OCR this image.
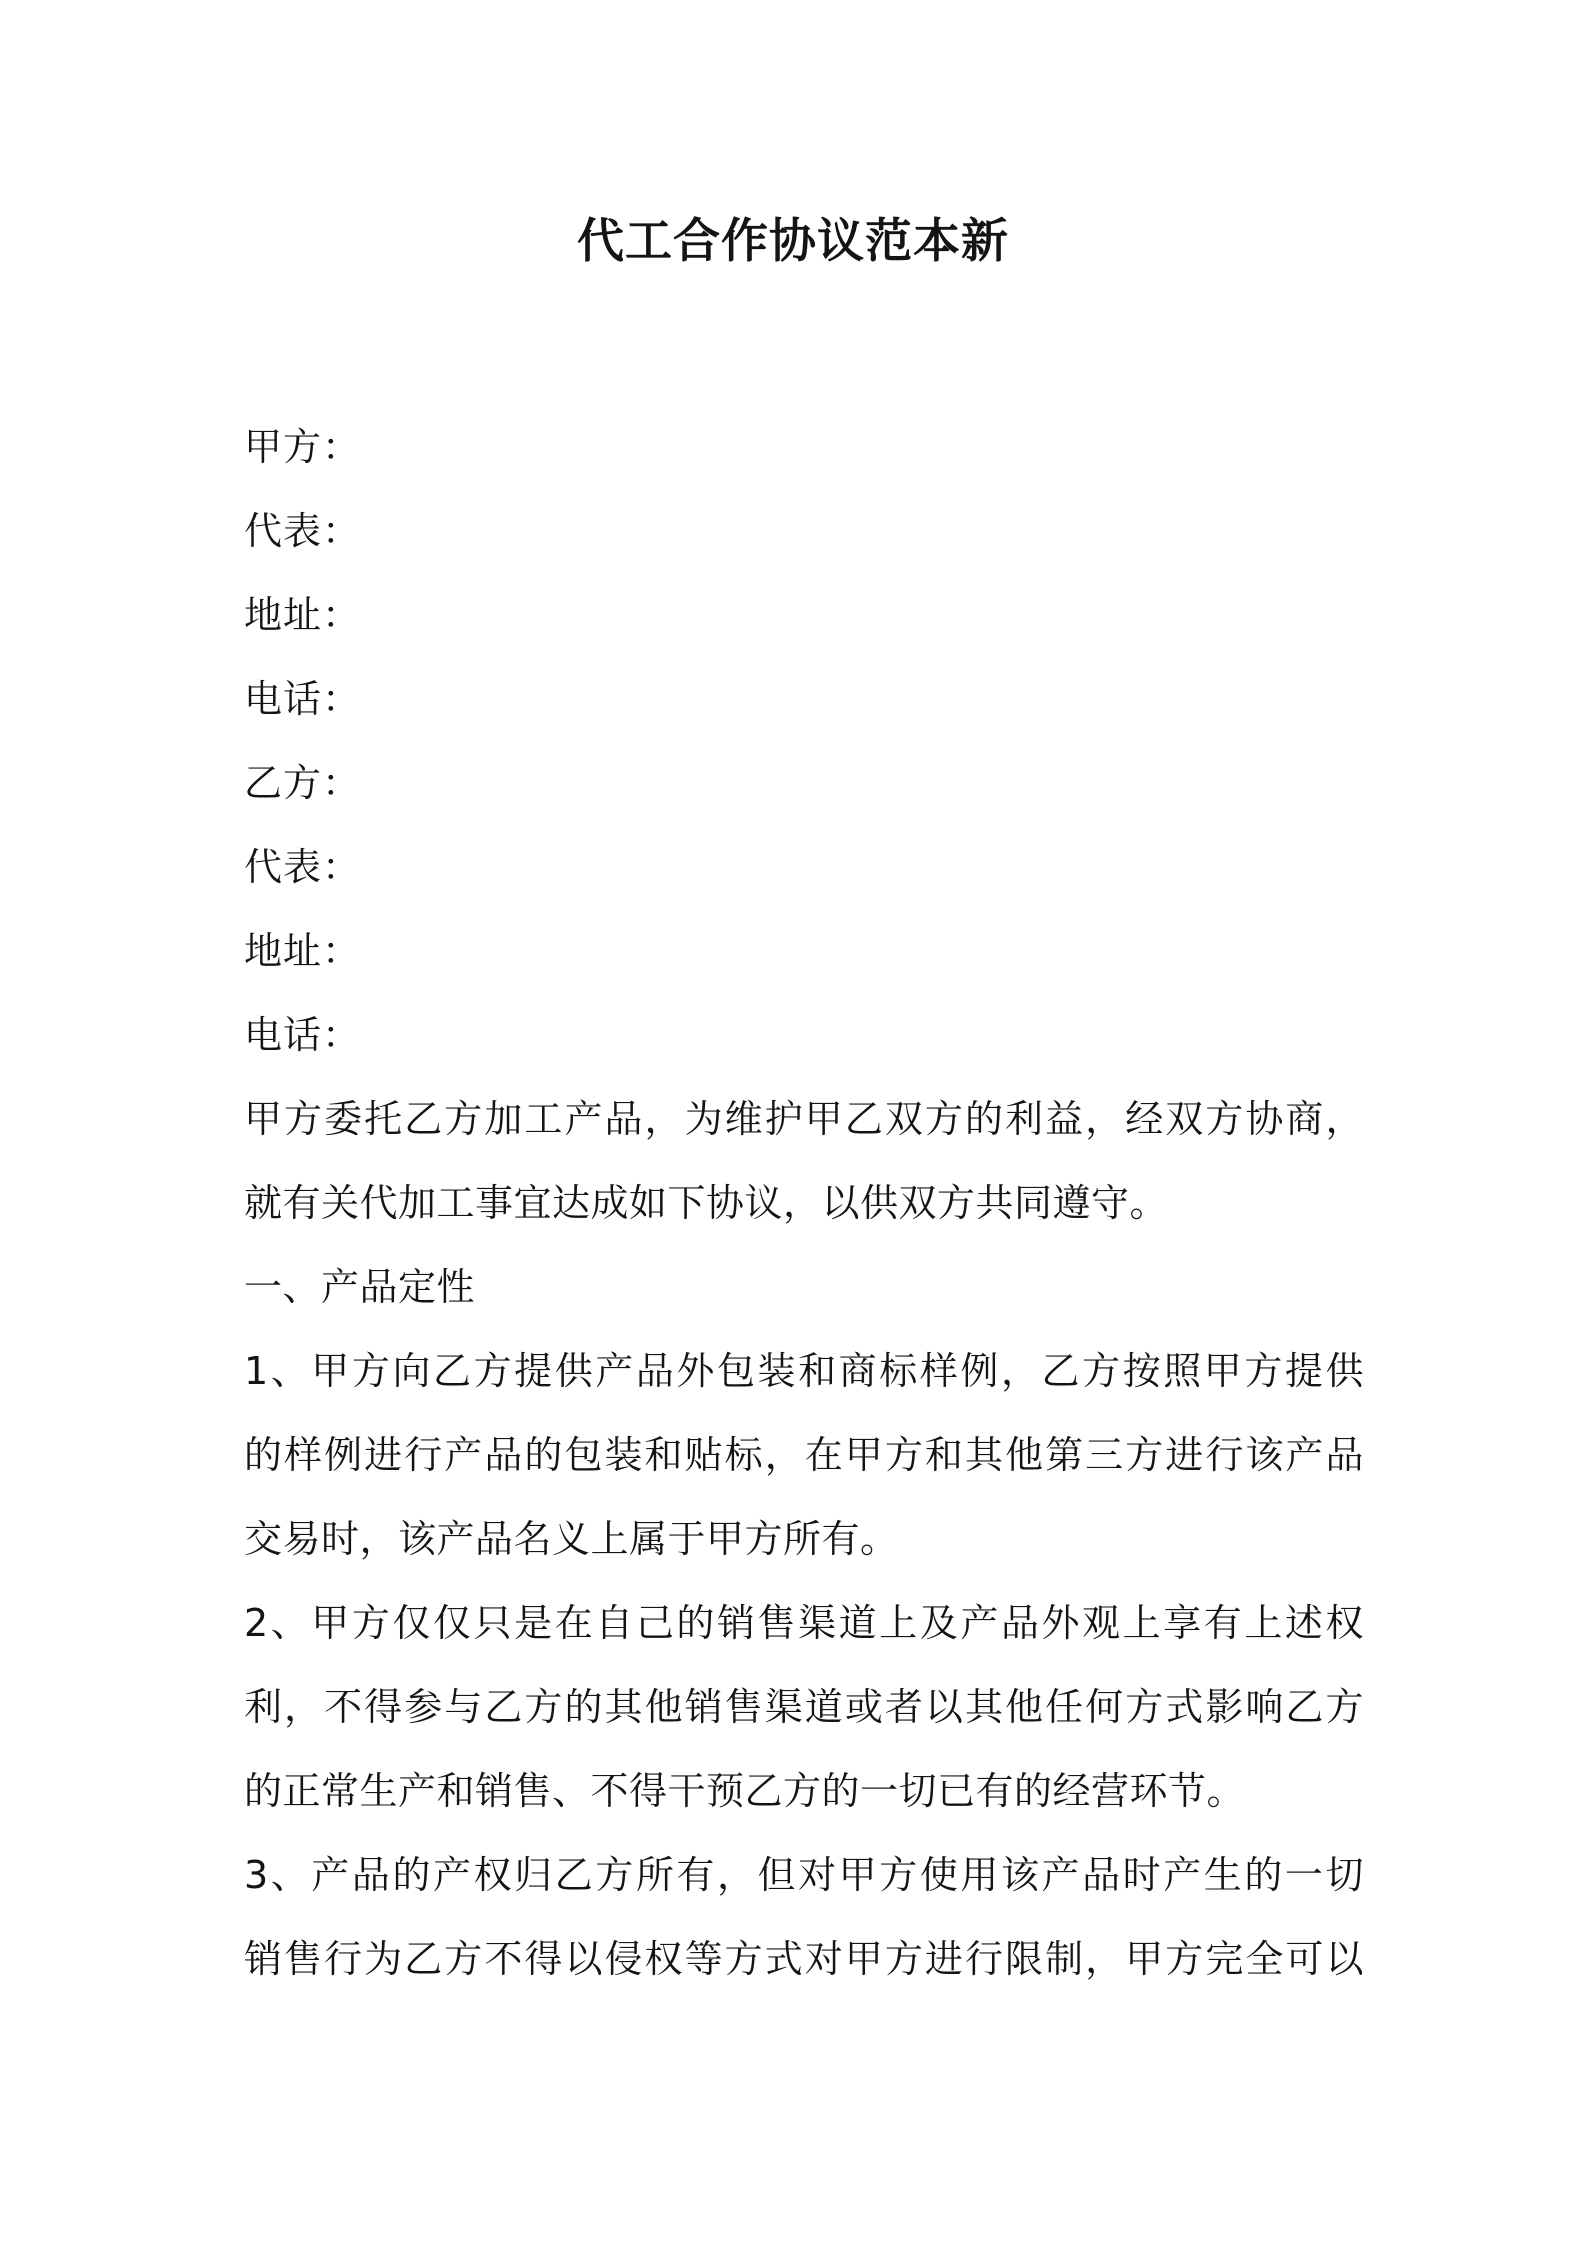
代工合作协议范本新
甲方：
代表：
地址：
电话：
乙方：
代表：
地址：
电话：
甲方委托乙方加工产品，为维护甲乙双方的利益，经双方协商，
就有关代加工事宜达成如下协议，以供双方共同遵守。
一、产品定性
1、甲方向乙方提供产品外包装和商标样例，乙方按照甲方提供
的样例进行产品的包装和贴标，在甲方和其他第三方进行该产品
交易时，该产品名义上属于甲方所有。
2、甲方仅仅只是在自己的销售渠道上及产品外观上享有上述权
利，不得参与乙方的其他销售渠道或者以其他任何方式影响乙方
的正常生产和销售、不得干预乙方的一切已有的经营环节。
3、产品的产权归乙方所有，但对甲方使用该产品时产生的一切
销售行为乙方不得以侵权等方式对甲方进行限制，甲方完全可以
